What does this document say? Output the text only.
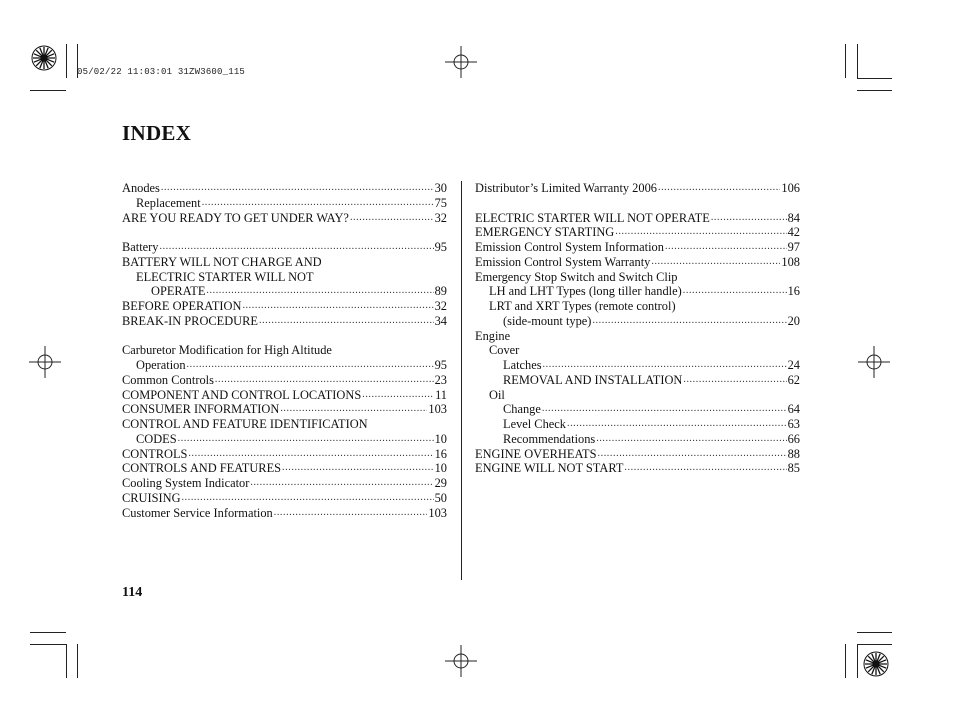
05/02/22 11:03:01 31ZW3600_115
INDEX
Anodes .....	30
Replacement .....	75
ARE YOU READY TO GET UNDER WAY? .....	32
Battery .....	95
BATTERY WILL NOT CHARGE AND
ELECTRIC STARTER WILL NOT
OPERATE .....	89
BEFORE OPERATION .....	32
BREAK-IN PROCEDURE .....	34
Carburetor Modification for High Altitude
Operation .....	95
Common Controls .....	23
COMPONENT AND CONTROL LOCATIONS .....	11
CONSUMER INFORMATION .....	103
CONTROL AND FEATURE IDENTIFICATION
CODES .....	10
CONTROLS .....	16
CONTROLS AND FEATURES .....	10
Cooling System Indicator .....	29
CRUISING .....	50
Customer Service Information .....	103
Distributor’s Limited Warranty 2006 .....	106
ELECTRIC STARTER WILL NOT OPERATE .....	84
EMERGENCY STARTING .....	42
Emission Control System Information .....	97
Emission Control System Warranty .....	108
Emergency Stop Switch and Switch Clip
LH and LHT Types (long tiller handle) .....	16
LRT and XRT Types (remote control)
(side-mount type) .....	20
Engine
Cover
Latches .....	24
REMOVAL AND INSTALLATION .....	62
Oil
Change .....	64
Level Check .....	63
Recommendations .....	66
ENGINE OVERHEATS .....	88
ENGINE WILL NOT START .....	85
114
